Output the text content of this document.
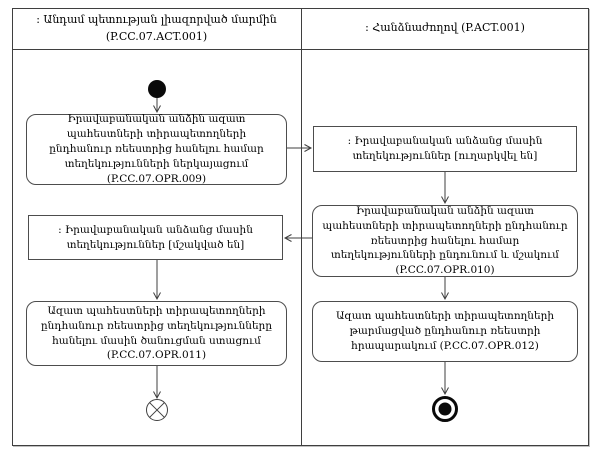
: Անդամ պետության լիազորված մարմին
(P.CC.07.ACT.001)
: Հանձնաժողով (P.ACT.001)
Իրավաբանական անձին ազատ պահեստների տիրապետողների ընդհանուր ռեեստրից հանելու համար տեղեկությունների ներկայացում (P.CC.07.OPR.009)
: Իրավաբանական անձանց մասին տեղեկություններ [ուղարկվել են]
Իրավաբանական անձին ազատ պահեստների տիրապետողների ընդհանուր ռեեստրից հանելու համար տեղեկությունների ընդունում և մշակում (P.CC.07.OPR.010)
: Իրավաբանական անձանց մասին տեղեկություններ [մշակված են]
Ազատ պահեստների տիրապետողների ընդհանուր ռեեստրից տեղեկությունները հանելու մասին ծանուցման ստացում (P.CC.07.OPR.011)
Ազատ պահեստների տիրապետողների թարմացված ընդհանուր ռեեստրի հրապարակում (P.CC.07.OPR.012)
